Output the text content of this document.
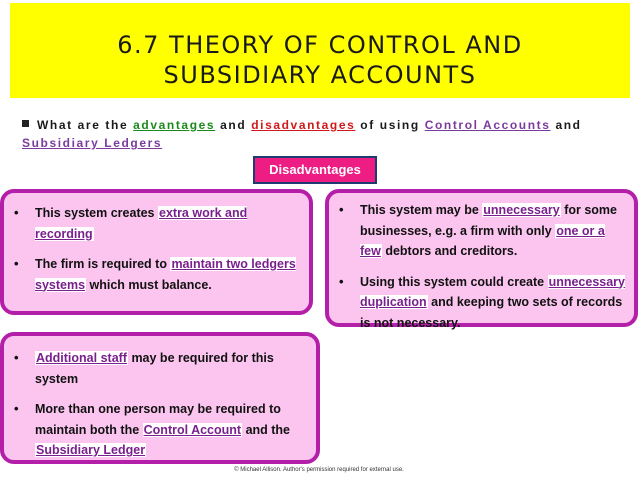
6.7 THEORY OF CONTROL AND
SUBSIDIARY ACCOUNTS
What are the advantages and disadvantages of using Control Accounts and Subsidiary Ledgers
Disadvantages
• This system creates extra work and recording
• The firm is required to maintain two ledgers systems which must balance.
• This system may be unnecessary for some businesses, e.g. a firm with only one or a few debtors and creditors.
• Using this system could create unnecessary duplication and keeping two sets of records is not necessary.
• Additional staff may be required for this system
• More than one person may be required to maintain both the Control Account and the Subsidiary Ledger
© Michael Allison. Author's permission required for external use.
